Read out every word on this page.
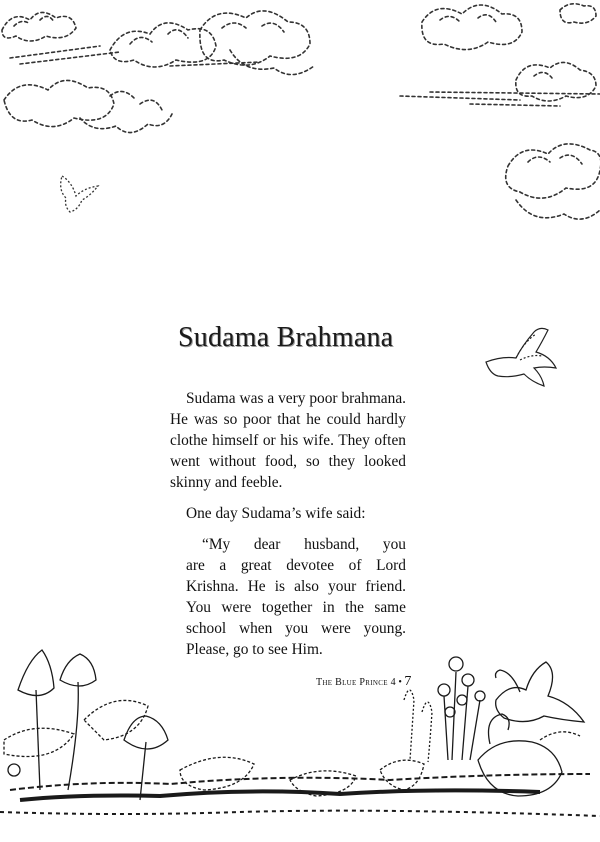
Sudama Brahmana

Sudama was a very poor brahmana.
He was so poor that he could hardly
clothe himself or his wife. They often
went without food, so they looked
skinny and feeble.

One day Sudama’s wife said:

“My dear husband, you
are a great devotee of Lord
Krishna. He is also your friend.
You were together in the same
school when you were young.
Please, go to see Him.

The Blue Prince 4 • 7
